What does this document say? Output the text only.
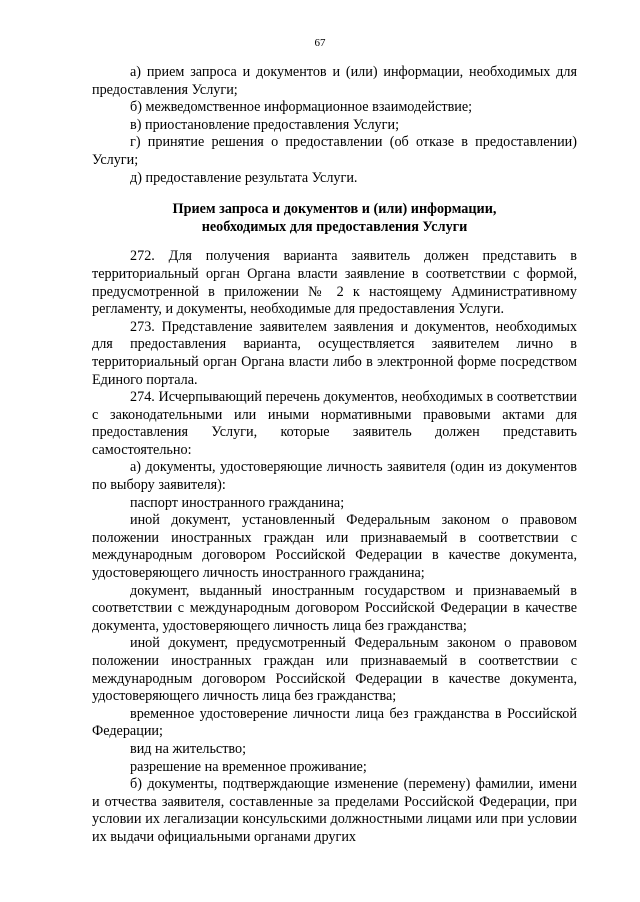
67

а) прием запроса и документов и (или) информации, необходимых для предоставления Услуги;

б) межведомственное информационное взаимодействие;

в) приостановление предоставления Услуги;

г) принятие решения о предоставлении (об отказе в предоставлении) Услуги;

д) предоставление результата Услуги.

Прием запроса и документов и (или) информации,
необходимых для предоставления Услуги

272. Для получения варианта заявитель должен представить в территориальный орган Органа власти заявление в соответствии с формой, предусмотренной в приложении № 2 к настоящему Административному регламенту, и документы, необходимые для предоставления Услуги.

273. Представление заявителем заявления и документов, необходимых для предоставления варианта, осуществляется заявителем лично в территориальный орган Органа власти либо в электронной форме посредством Единого портала.

274. Исчерпывающий перечень документов, необходимых в соответствии с законодательными или иными нормативными правовыми актами для предоставления Услуги, которые заявитель должен представить самостоятельно:

а) документы, удостоверяющие личность заявителя (один из документов по выбору заявителя):

паспорт иностранного гражданина;

иной документ, установленный Федеральным законом о правовом положении иностранных граждан или признаваемый в соответствии с международным договором Российской Федерации в качестве документа, удостоверяющего личность иностранного гражданина;

документ, выданный иностранным государством и признаваемый в соответствии с международным договором Российской Федерации в качестве документа, удостоверяющего личность лица без гражданства;

иной документ, предусмотренный Федеральным законом о правовом положении иностранных граждан или признаваемый в соответствии с международным договором Российской Федерации в качестве документа, удостоверяющего личность лица без гражданства;

временное удостоверение личности лица без гражданства в Российской Федерации;

вид на жительство;

разрешение на временное проживание;

б) документы, подтверждающие изменение (перемену) фамилии, имени и отчества заявителя, составленные за пределами Российской Федерации, при условии их легализации консульскими должностными лицами или при условии их выдачи официальными органами других
